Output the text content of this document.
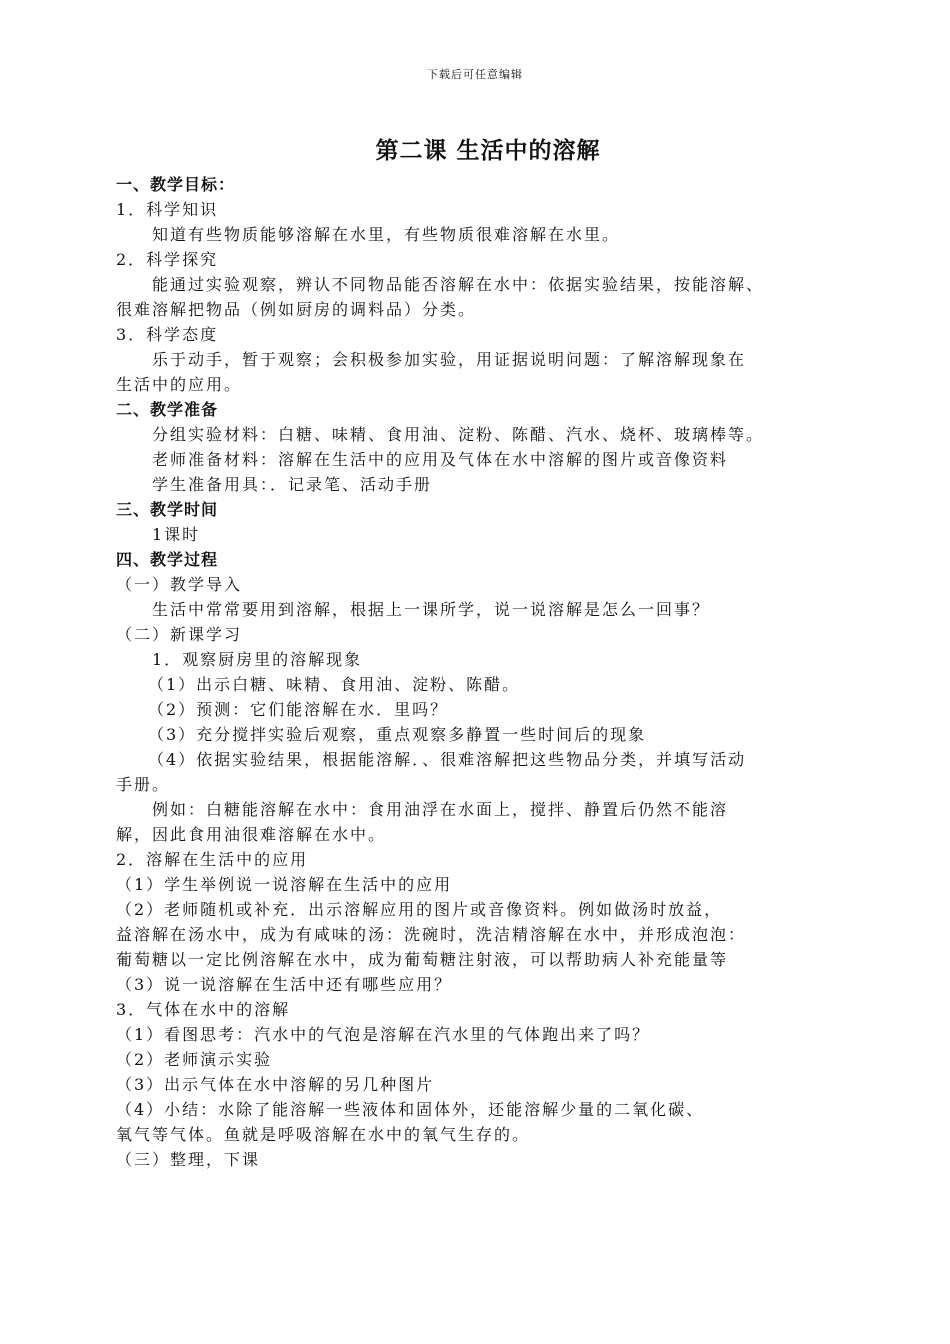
下载后可任意编辑
第二课 生活中的溶解
一、教学目标：
1．科学知识
知道有些物质能够溶解在水里，有些物质很难溶解在水里。
2．科学探究
能通过实验观察，辨认不同物品能否溶解在水中：依据实验结果，按能溶解、
很难溶解把物品（例如厨房的调料品）分类。
3．科学态度
乐于动手，暂于观察；会积极参加实验，用证据说明问题：了解溶解现象在
生活中的应用。
二、教学准备
分组实验材料：白糖、味精、食用油、淀粉、陈醋、汽水、烧杯、玻璃棒等。
老师准备材料：溶解在生活中的应用及气体在水中溶解的图片或音像资料
学生准备用具：．记录笔、活动手册
三、教学时间
1课时
四、教学过程
（一）教学导入
生活中常常要用到溶解，根据上一课所学，说一说溶解是怎么一回事？
（二）新课学习
1．观察厨房里的溶解现象
（1）出示白糖、味精、食用油、淀粉、陈醋。
（2）预测：它们能溶解在水．里吗？
（3）充分搅拌实验后观察，重点观察多静置一些时间后的现象
（4）依据实验结果，根据能溶解．、很难溶解把这些物品分类，并填写活动
手册。
例如：白糖能溶解在水中：食用油浮在水面上，搅拌、静置后仍然不能溶
解，因此食用油很难溶解在水中。
2．溶解在生活中的应用
（1）学生举例说一说溶解在生活中的应用
（2）老师随机或补充．出示溶解应用的图片或音像资料。例如做汤时放益，
益溶解在汤水中，成为有咸味的汤：洗碗时，洗洁精溶解在水中，并形成泡泡：
葡萄糖以一定比例溶解在水中，成为葡萄糖注射液，可以帮助病人补充能量等
（3）说一说溶解在生活中还有哪些应用？
3．气体在水中的溶解
（1）看图思考：汽水中的气泡是溶解在汽水里的气体跑出来了吗？
（2）老师演示实验
（3）出示气体在水中溶解的另几种图片
（4）小结：水除了能溶解一些液体和固体外，还能溶解少量的二氧化碳、
氧气等气体。鱼就是呼吸溶解在水中的氧气生存的。
（三）整理，下课
